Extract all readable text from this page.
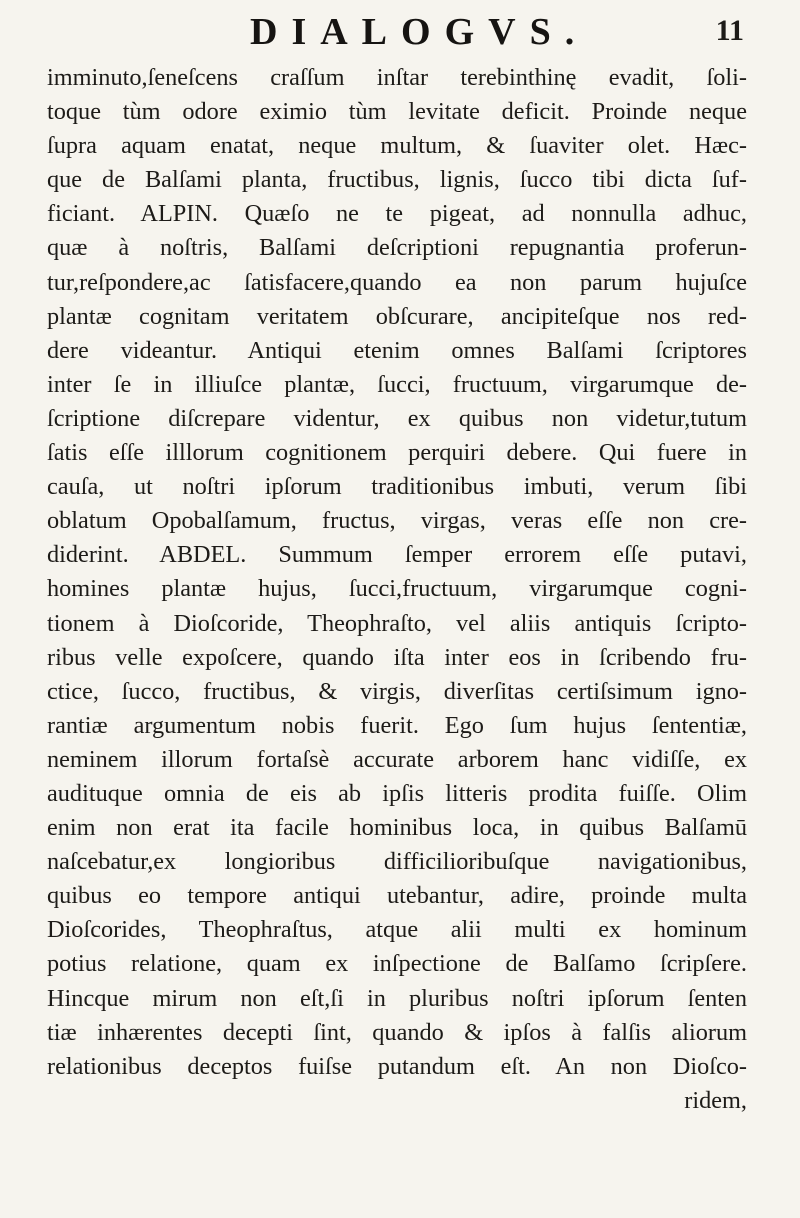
DIALOGVS.	11
imminuto,ſeneſcens craſſum inſtar terebinthinę evadit, ſoli-
toque tùm odore eximio tùm levitate deficit. Proinde neque
ſupra aquam enatat, neque multum, & ſuaviter olet. Hæc-
que de Balſami planta, fructibus, lignis, ſucco tibi dicta ſuf-
ficiant. ALPIN. Quæſo ne te pigeat, ad nonnulla adhuc,
quæ à noſtris, Balſami deſcriptioni repugnantia proferun-
tur,reſpondere,ac ſatisfacere,quando ea non parum hujuſce
plantæ cognitam veritatem obſcurare, ancipiteſque nos red-
dere videantur. Antiqui etenim omnes Balſami ſcriptores
inter ſe in illiuſce plantæ, ſucci, fructuum, virgarumque de-
ſcriptione diſcrepare videntur, ex quibus non videtur,tutum
ſatis eſſe illlorum cognitionem perquiri debere. Qui fuere in
cauſa, ut noſtri ipſorum traditionibus imbuti, verum ſibi
oblatum Opobalſamum, fructus, virgas, veras eſſe non cre-
diderint. ABDEL. Summum ſemper errorem eſſe putavi,
homines plantæ hujus, ſucci,fructuum, virgarumque cogni-
tionem à Dioſcoride, Theophraſto, vel aliis antiquis ſcripto-
ribus velle expoſcere, quando iſta inter eos in ſcribendo fru-
ctice, ſucco, fructibus, & virgis, diverſitas certiſsimum igno-
rantiæ argumentum nobis fuerit. Ego ſum hujus ſententiæ,
neminem illorum fortaſsè accurate arborem hanc vidiſſe, ex
audituque omnia de eis ab ipſis litteris prodita fuiſſe. Olim
enim non erat ita facile hominibus loca, in quibus Balſamū
naſcebatur,ex longioribus difficilioribuſque navigationibus,
quibus eo tempore antiqui utebantur, adire, proinde multa
Dioſcorides, Theophraſtus, atque alii multi ex hominum
potius relatione, quam ex inſpectione de Balſamo ſcripſere.
Hincque mirum non eſt,ſi in pluribus noſtri ipſorum ſenten
tiæ inhærentes decepti ſint, quando & ipſos à falſis aliorum
relationibus deceptos fuiſse putandum eſt. An non Dioſco-
ridem,
